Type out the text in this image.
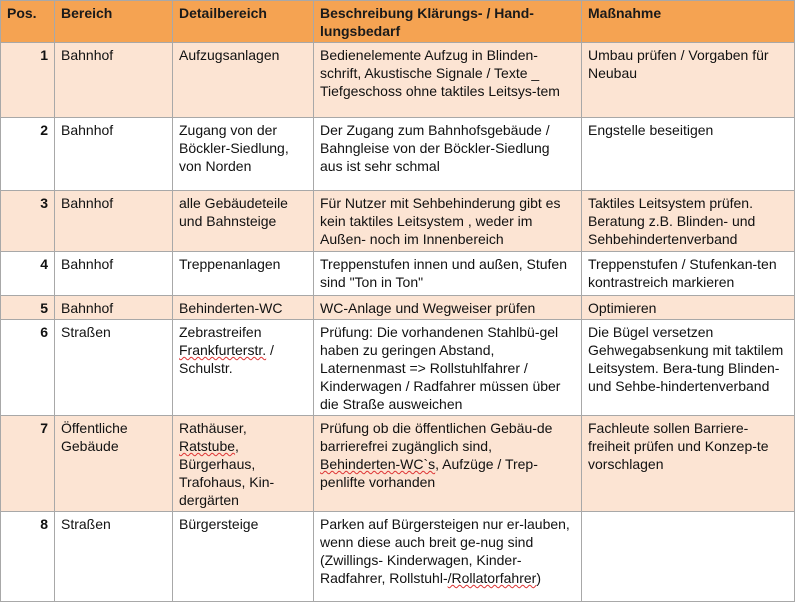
Pos.	Bereich	Detailbereich	Beschreibung Klärungs- / Hand-lungsbedarf	Maßnahme
1	Bahnhof	Aufzugsanlagen	Bedienelemente Aufzug in Blinden-schrift, Akustische Signale / Texte _ Tiefgeschoss ohne taktiles Leitsys-tem	Umbau prüfen / Vorgaben für Neubau
2	Bahnhof	Zugang von der Böckler-Siedlung, von Norden	Der Zugang zum Bahnhofsgebäude / Bahngleise von der Böckler-Siedlung aus ist sehr schmal	Engstelle beseitigen
3	Bahnhof	alle Gebäudeteile und Bahnsteige	Für Nutzer mit Sehbehinderung gibt es kein taktiles Leitsystem , weder im Außen- noch im Innenbereich	Taktiles Leitsystem prüfen. Beratung z.B. Blinden- und Sehbehindertenverband
4	Bahnhof	Treppenanlagen	Treppenstufen innen und außen, Stufen sind "Ton in Ton"	Treppenstufen / Stufenkan-ten kontrastreich markieren
5	Bahnhof	Behinderten-WC	WC-Anlage und Wegweiser prüfen	Optimieren
6	Straßen	Zebrastreifen Frankfurterstr. / Schulstr.	Prüfung: Die vorhandenen Stahlbü-gel haben zu geringen Abstand, Laternenmast => Rollstuhlfahrer / Kinderwagen / Radfahrer müssen über die Straße ausweichen	Die Bügel versetzen Gehwegabsenkung mit taktilem Leitsystem. Bera-tung Blinden- und Sehbe-hindertenverband
7	Öffentliche Gebäude	Rathäuser, Ratstube, Bürgerhaus, Trafohaus, Kin-dergärten	Prüfung ob die öffentlichen Gebäu-de barrierefrei zugänglich sind, Behinderten-WC`s, Aufzüge / Trep-penlifte vorhanden	Fachleute sollen Barriere-freiheit prüfen und Konzep-te vorschlagen
8	Straßen	Bürgersteige	Parken auf Bürgersteigen nur er-lauben, wenn diese auch breit ge-nug sind (Zwillings- Kinderwagen, Kinder-Radfahrer, Rollstuhl-/Rollatorfahrer)	
